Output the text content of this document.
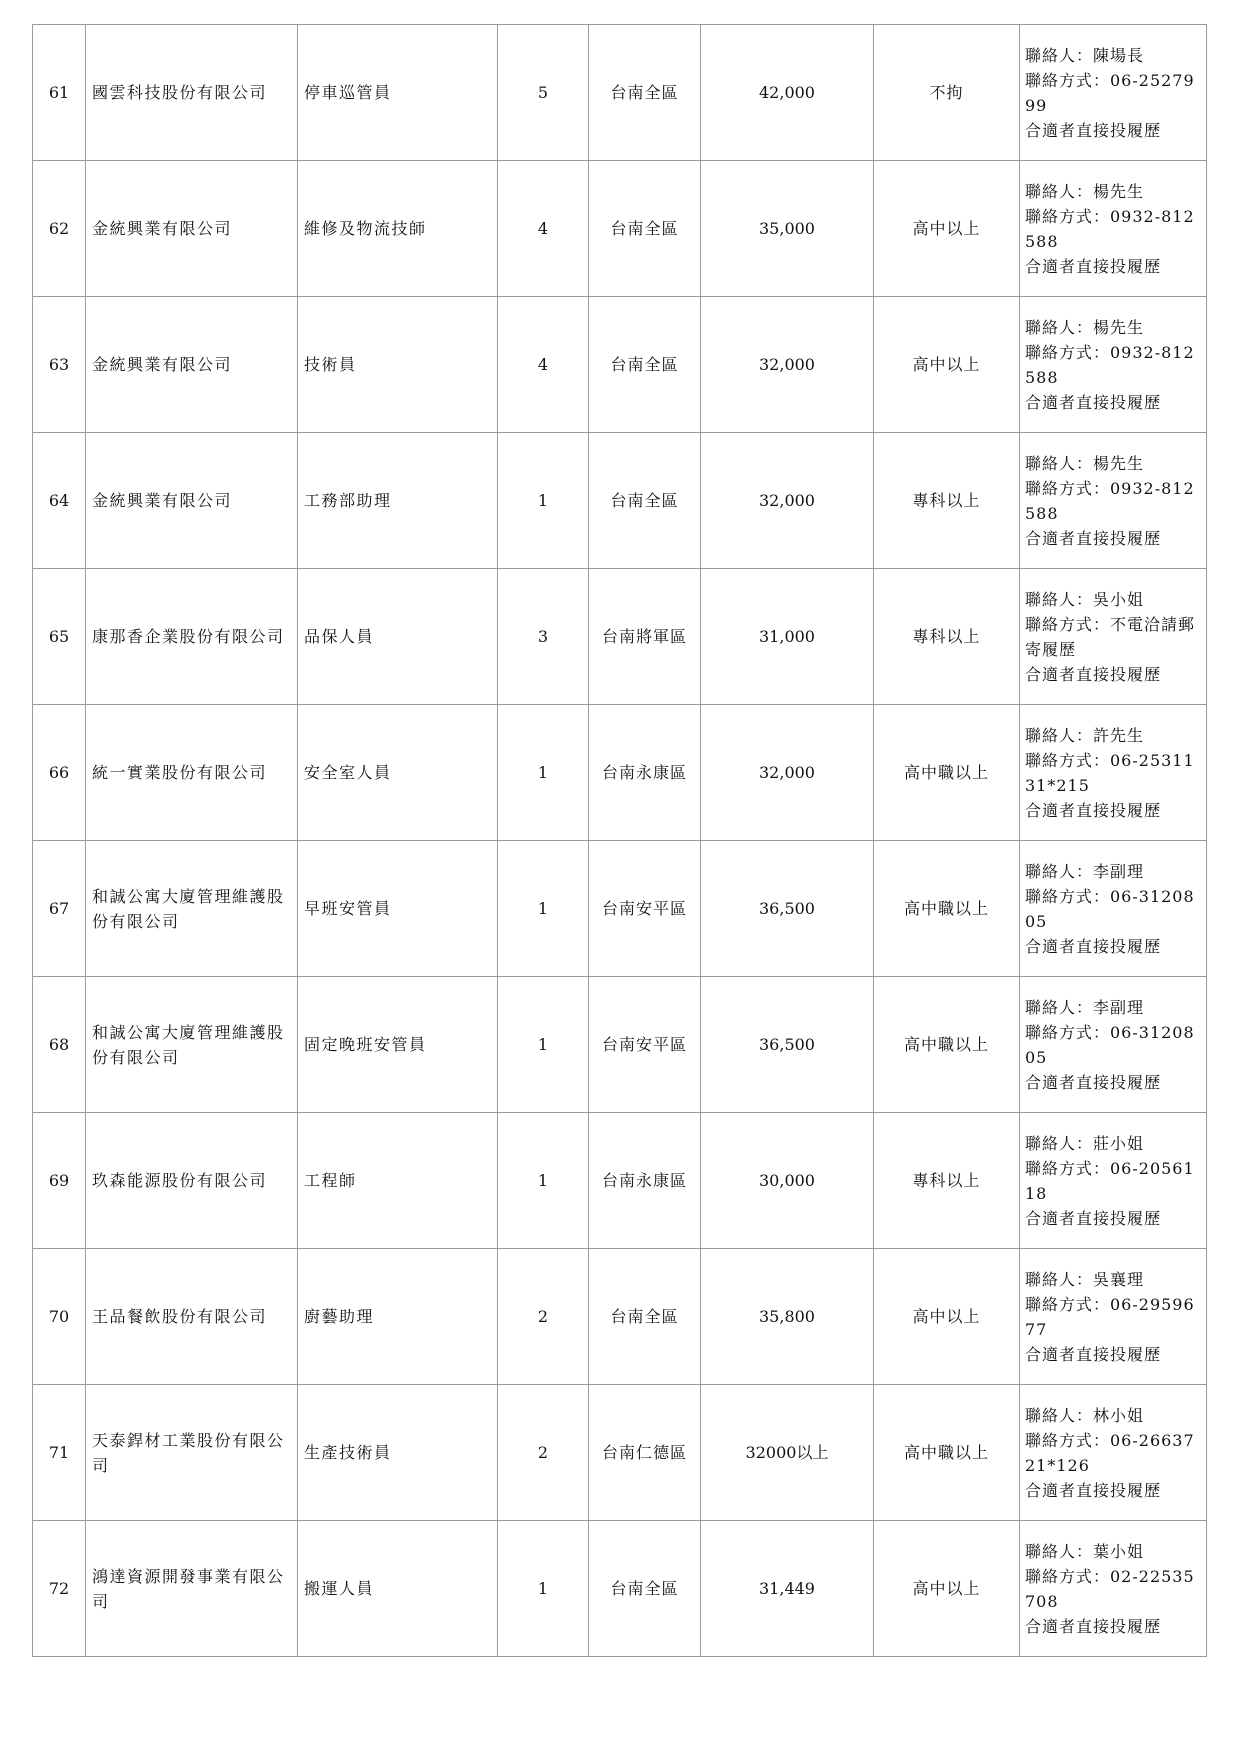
61	國雲科技股份有限公司	停車巡管員	5	台南全區	42,000	不拘	聯絡人：陳場長
聯絡方式：06-2527999
合適者直接投履歷

62	金統興業有限公司	維修及物流技師	4	台南全區	35,000	高中以上	聯絡人：楊先生
聯絡方式：0932-812588
合適者直接投履歷

63	金統興業有限公司	技術員	4	台南全區	32,000	高中以上	聯絡人：楊先生
聯絡方式：0932-812588
合適者直接投履歷

64	金統興業有限公司	工務部助理	1	台南全區	32,000	專科以上	聯絡人：楊先生
聯絡方式：0932-812588
合適者直接投履歷

65	康那香企業股份有限公司	品保人員	3	台南將軍區	31,000	專科以上	聯絡人：吳小姐
聯絡方式：不電洽請郵寄履歷
合適者直接投履歷

66	統一實業股份有限公司	安全室人員	1	台南永康區	32,000	高中職以上	聯絡人：許先生
聯絡方式：06-2531131*215
合適者直接投履歷

67	和誠公寓大廈管理維護股份有限公司	早班安管員	1	台南安平區	36,500	高中職以上	聯絡人：李副理
聯絡方式：06-3120805
合適者直接投履歷

68	和誠公寓大廈管理維護股份有限公司	固定晚班安管員	1	台南安平區	36,500	高中職以上	聯絡人：李副理
聯絡方式：06-3120805
合適者直接投履歷

69	玖森能源股份有限公司	工程師	1	台南永康區	30,000	專科以上	聯絡人：莊小姐
聯絡方式：06-2056118
合適者直接投履歷

70	王品餐飲股份有限公司	廚藝助理	2	台南全區	35,800	高中以上	聯絡人：吳襄理
聯絡方式：06-2959677
合適者直接投履歷

71	天泰銲材工業股份有限公司	生產技術員	2	台南仁德區	32000以上	高中職以上	聯絡人：林小姐
聯絡方式：06-2663721*126
合適者直接投履歷

72	鴻達資源開發事業有限公司	搬運人員	1	台南全區	31,449	高中以上	聯絡人：葉小姐
聯絡方式：02-22535708
合適者直接投履歷
